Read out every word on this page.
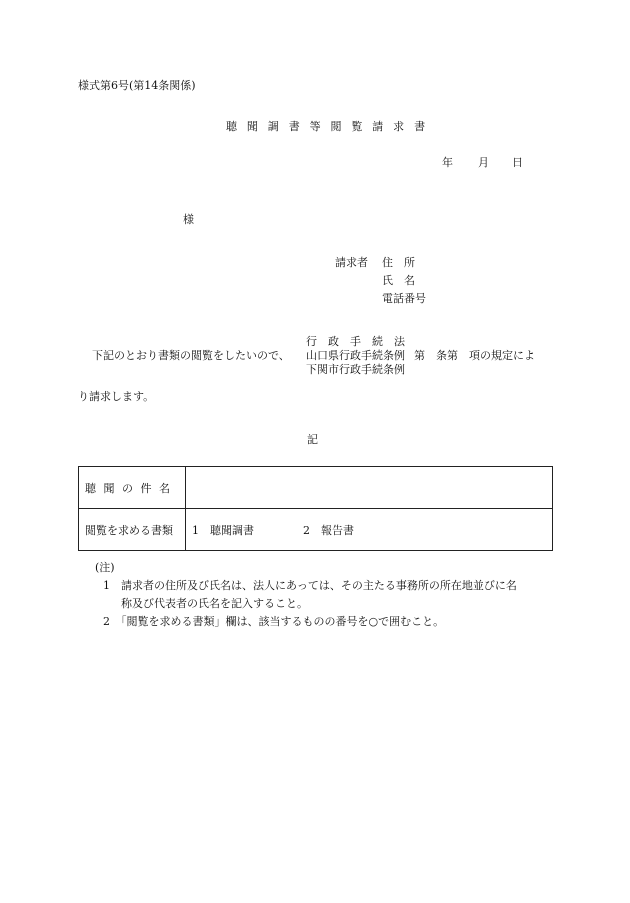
様式第6号(第14条関係)
聴 聞 調 書 等 閲 覧 請 求 書
年 月 日
様
請求者 住　所
氏　名
電話番号
行　政　手　続　法
下記のとおり書類の閲覧をしたいので、 山口県行政手続条例 第　条第　項の規定によ
下関市行政手続条例
り請求します。
記
聴 聞 の 件 名	
閲覧を求める書類	1　聴聞調書 2　報告書
(注)
1　請求者の住所及び氏名は、法人にあっては、その主たる事務所の所在地並びに名
称及び代表者の氏名を記入すること。
2　「閲覧を求める書類」欄は、該当するものの番号を○で囲むこと。
